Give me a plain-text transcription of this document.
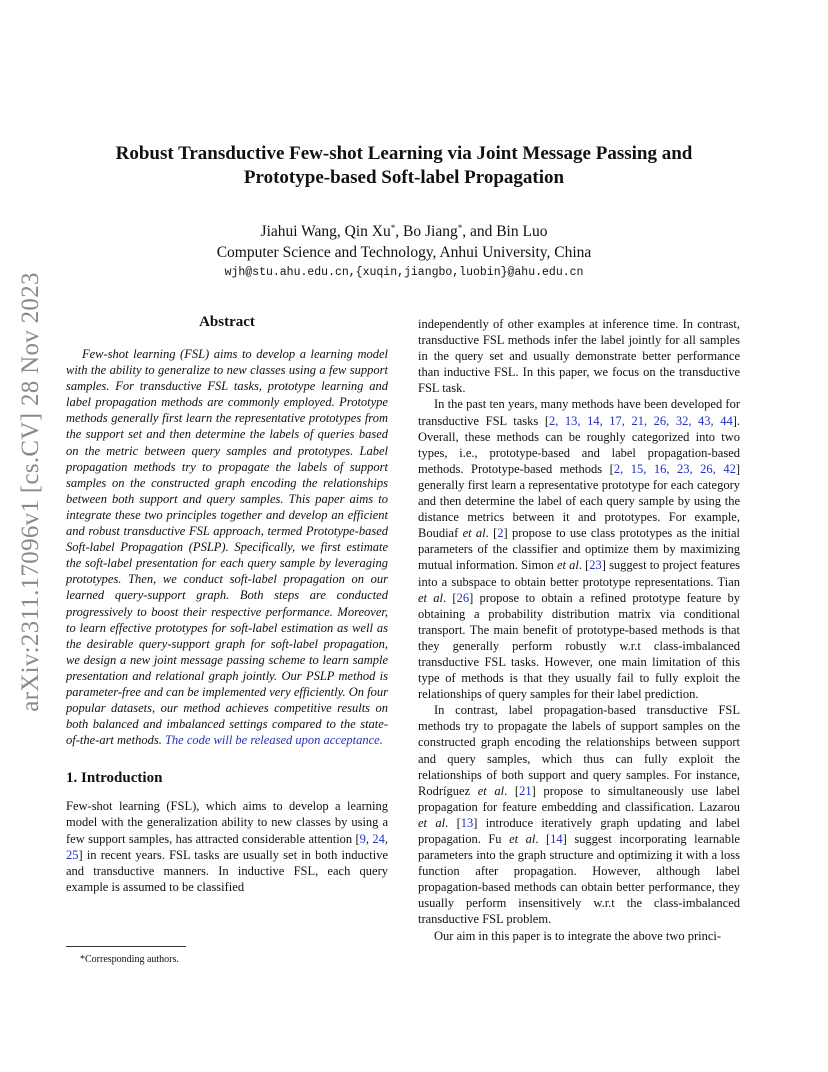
arXiv:2311.17096v1 [cs.CV] 28 Nov 2023
Robust Transductive Few-shot Learning via Joint Message Passing and
Prototype-based Soft-label Propagation
Jiahui Wang, Qin Xu*, Bo Jiang*, and Bin Luo
Computer Science and Technology, Anhui University, China
wjh@stu.ahu.edu.cn,{xuqin,jiangbo,luobin}@ahu.edu.cn
Abstract

Few-shot learning (FSL) aims to develop a learning model with the ability to generalize to new classes using a few support samples. For transductive FSL tasks, prototype learning and label propagation methods are commonly employed. Prototype methods generally first learn the representative prototypes from the support set and then determine the labels of queries based on the metric between query samples and prototypes. Label propagation methods try to propagate the labels of support samples on the constructed graph encoding the relationships between both support and query samples. This paper aims to integrate these two principles together and develop an efficient and robust transductive FSL approach, termed Prototype-based Soft-label Propagation (PSLP). Specifically, we first estimate the soft-label presentation for each query sample by leveraging prototypes. Then, we conduct soft-label propagation on our learned query-support graph. Both steps are conducted progressively to boost their respective performance. Moreover, to learn effective prototypes for soft-label estimation as well as the desirable query-support graph for soft-label propagation, we design a new joint message passing scheme to learn sample presentation and relational graph jointly. Our PSLP method is parameter-free and can be implemented very efficiently. On four popular datasets, our method achieves competitive results on both balanced and imbalanced settings compared to the state-of-the-art methods. The code will be released upon acceptance.

1. Introduction

Few-shot learning (FSL), which aims to develop a learning model with the generalization ability to new classes by using a few support samples, has attracted considerable attention [9, 24, 25] in recent years. FSL tasks are usually set in both inductive and transductive manners. In inductive FSL, each query example is assumed to be classified

*Corresponding authors.

independently of other examples at inference time. In contrast, transductive FSL methods infer the label jointly for all samples in the query set and usually demonstrate better performance than inductive FSL. In this paper, we focus on the transductive FSL task.

In the past ten years, many methods have been developed for transductive FSL tasks [2, 13, 14, 17, 21, 26, 32, 43, 44]. Overall, these methods can be roughly categorized into two types, i.e., prototype-based and label propagation-based methods. Prototype-based methods [2, 15, 16, 23, 26, 42] generally first learn a representative prototype for each category and then determine the label of each query sample by using the distance metrics between it and prototypes. For example, Boudiaf et al. [2] propose to use class prototypes as the initial parameters of the classifier and optimize them by maximizing mutual information. Simon et al. [23] suggest to project features into a subspace to obtain better prototype representations. Tian et al. [26] propose to obtain a refined prototype feature by obtaining a probability distribution matrix via conditional transport. The main benefit of prototype-based methods is that they generally perform robustly w.r.t class-imbalanced transductive FSL tasks. However, one main limitation of this type of methods is that they usually fail to fully exploit the relationships of query samples for their label prediction.

In contrast, label propagation-based transductive FSL methods try to propagate the labels of support samples on the constructed graph encoding the relationships between support and query samples, which thus can fully exploit the relationships of both support and query samples. For instance, Rodríguez et al. [21] propose to simultaneously use label propagation for feature embedding and classification. Lazarou et al. [13] introduce iteratively graph updating and label propagation. Fu et al. [14] suggest incorporating learnable parameters into the graph structure and optimizing it with a loss function after propagation. However, although label propagation-based methods can obtain better performance, they usually perform insensitively w.r.t the class-imbalanced transductive FSL problem.

Our aim in this paper is to integrate the above two princi-
